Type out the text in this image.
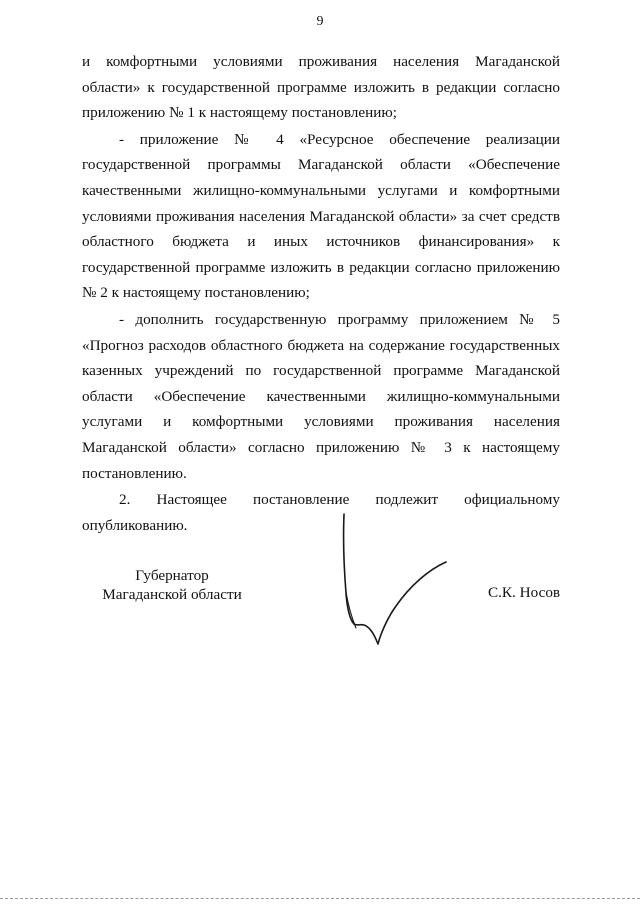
9

и комфортными условиями проживания населения Магаданской области» к государственной программе изложить в редакции согласно приложению № 1 к настоящему постановлению;

- приложение № 4 «Ресурсное обеспечение реализации государственной программы Магаданской области «Обеспечение качественными жилищно-коммунальными услугами и комфортными условиями проживания населения Магаданской области» за счет средств областного бюджета и иных источников финансирования» к государственной программе изложить в редакции согласно приложению № 2 к настоящему постановлению;

- дополнить государственную программу приложением № 5 «Прогноз расходов областного бюджета на содержание государственных казенных учреждений по государственной программе Магаданской области «Обеспечение качественными жилищно-коммунальными услугами и комфортными условиями проживания населения Магаданской области» согласно приложению № 3 к настоящему постановлению.

2. Настоящее постановление подлежит официальному опубликованию.

Губернатор
Магаданской области	С.К. Носов
